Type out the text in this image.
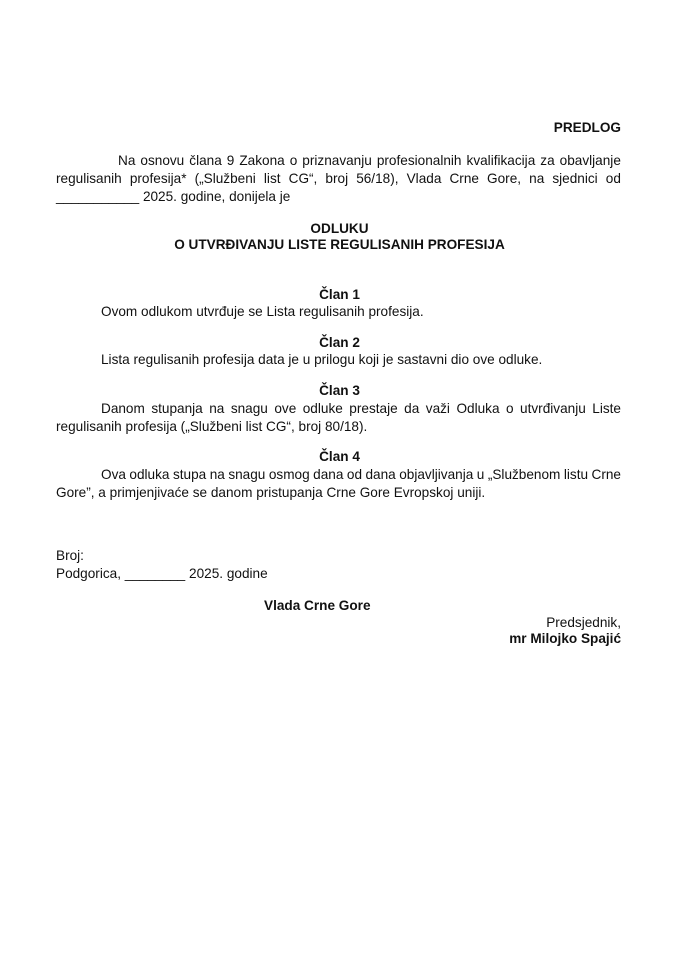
PREDLOG
Na osnovu člana 9 Zakona o priznavanju profesionalnih kvalifikacija za obavljanje
regulisanih profesija* („Službeni list CG“, broj 56/18), Vlada Crne Gore, na sjednici od
___________ 2025. godine, donijela je
ODLUKU
O UTVRĐIVANJU LISTE REGULISANIH PROFESIJA
Član 1
Ovom odlukom utvrđuje se Lista regulisanih profesija.
Član 2
Lista regulisanih profesija data je u prilogu koji je sastavni dio ove odluke.
Član 3
Danom stupanja na snagu ove odluke prestaje da važi Odluka o utvrđivanju Liste
regulisanih profesija („Službeni list CG“, broj 80/18).
Član 4
Ova odluka stupa na snagu osmog dana od dana objavljivanja u „Službenom listu Crne
Gore”, a primjenjivaće se danom pristupanja Crne Gore Evropskoj uniji.
Broj:
Podgorica, ________ 2025. godine
Vlada Crne Gore
Predsjednik,
mr Milojko Spajić
